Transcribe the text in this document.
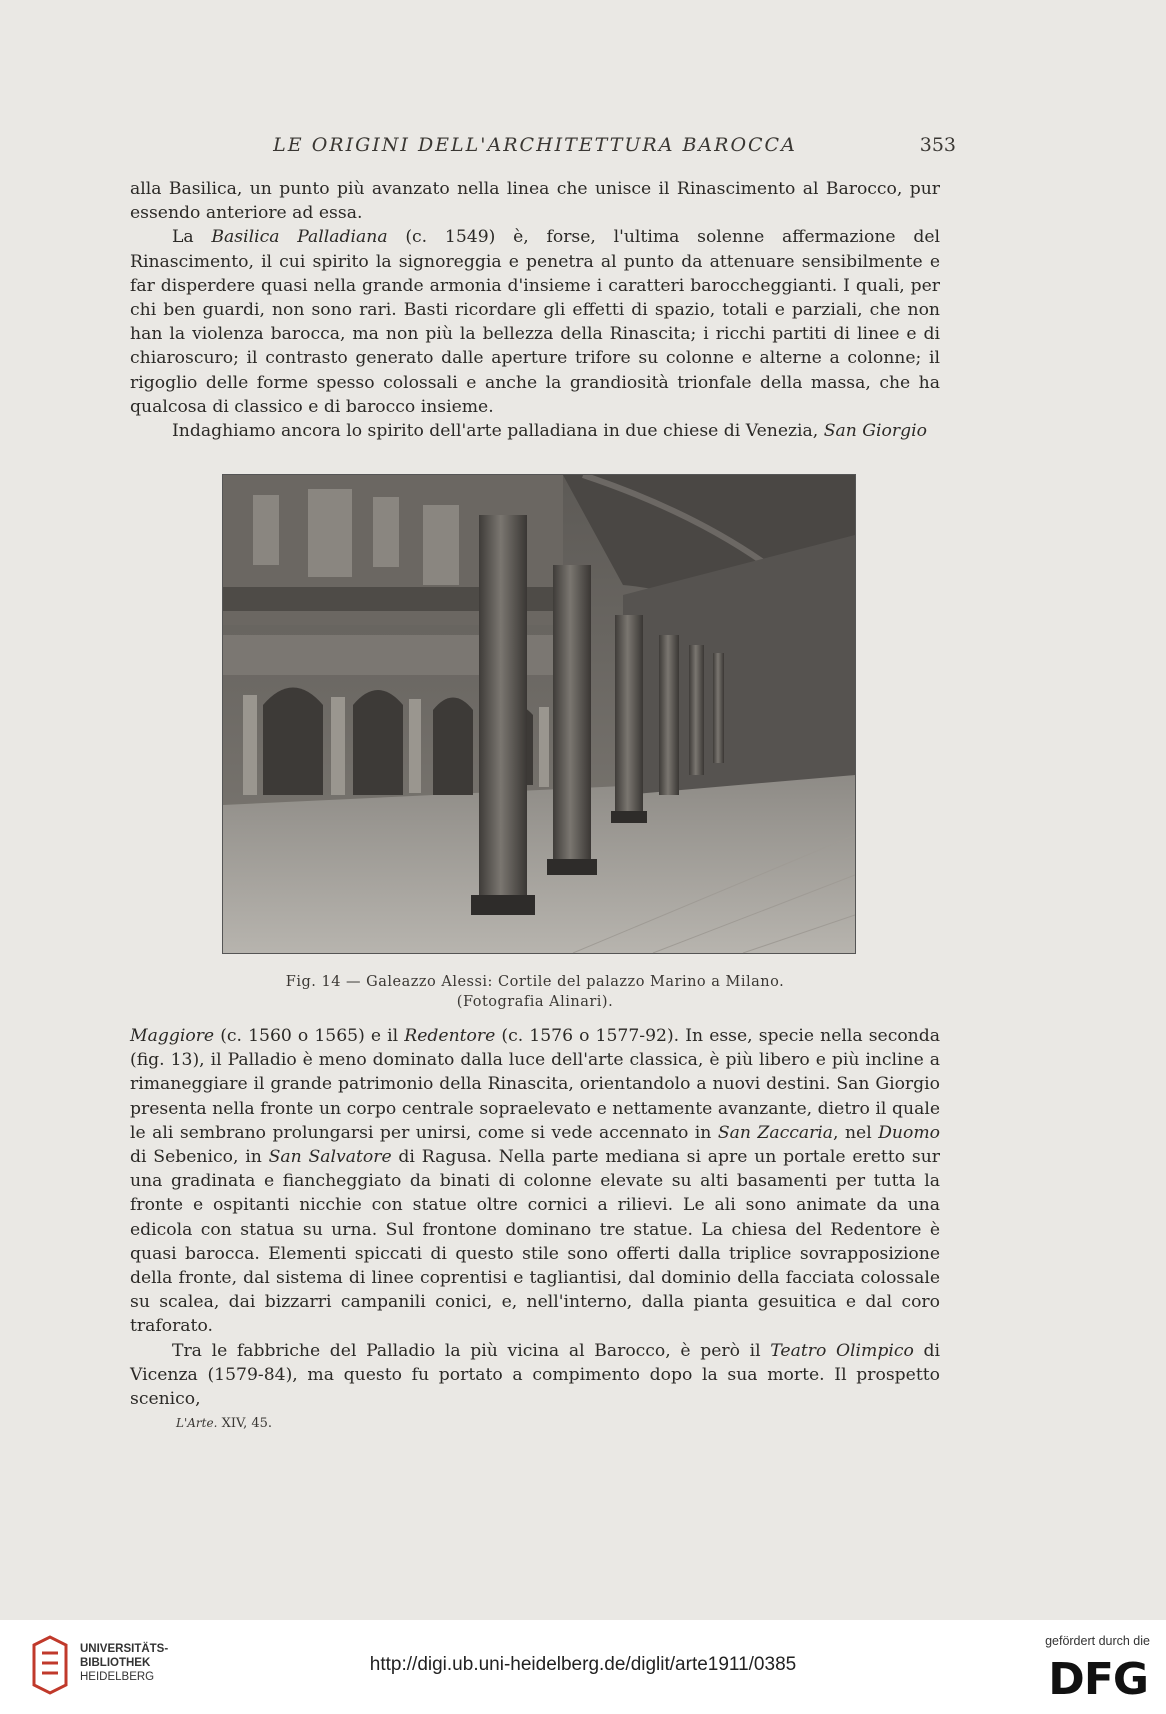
LE ORIGINI DELL'ARCHITETTURA BAROCCA	353

alla Basilica, un punto più avanzato nella linea che unisce il Rinascimento al Barocco, pur essendo anteriore ad essa.

La Basilica Palladiana (c. 1549) è, forse, l'ultima solenne affermazione del Rinascimento, il cui spirito la signoreggia e penetra al punto da attenuare sensibilmente e far disperdere quasi nella grande armonia d'insieme i caratteri baroccheggianti. I quali, per chi ben guardi, non sono rari. Basti ricordare gli effetti di spazio, totali e parziali, che non han la violenza barocca, ma non più la bellezza della Rinascita; i ricchi partiti di linee e di chiaroscuro; il contrasto generato dalle aperture trifore su colonne e alterne a colonne; il rigoglio delle forme spesso colossali e anche la grandiosità trionfale della massa, che ha qualcosa di classico e di barocco insieme.

Indaghiamo ancora lo spirito dell'arte palladiana in due chiese di Venezia, San Giorgio

Fig. 14 — Galeazzo Alessi: Cortile del palazzo Marino a Milano.
(Fotografia Alinari).

Maggiore (c. 1560 o 1565) e il Redentore (c. 1576 o 1577-92). In esse, specie nella seconda (fig. 13), il Palladio è meno dominato dalla luce dell'arte classica, è più libero e più incline a rimaneggiare il grande patrimonio della Rinascita, orientandolo a nuovi destini. San Giorgio presenta nella fronte un corpo centrale sopraelevato e nettamente avanzante, dietro il quale le ali sembrano prolungarsi per unirsi, come si vede accennato in San Zaccaria, nel Duomo di Sebenico, in San Salvatore di Ragusa. Nella parte mediana si apre un portale eretto sur una gradinata e fiancheggiato da binati di colonne elevate su alti basamenti per tutta la fronte e ospitanti nicchie con statue oltre cornici a rilievi. Le ali sono animate da una edicola con statua su urna. Sul frontone dominano tre statue. La chiesa del Redentore è quasi barocca. Elementi spiccati di questo stile sono offerti dalla triplice sovrapposizione della fronte, dal sistema di linee coprentisi e tagliantisi, dal dominio della facciata colossale su scalea, dai bizzarri campanili conici, e, nell'interno, dalla pianta gesuitica e dal coro traforato.

Tra le fabbriche del Palladio la più vicina al Barocco, è però il Teatro Olimpico di Vicenza (1579-84), ma questo fu portato a compimento dopo la sua morte. Il prospetto scenico,

L'Arte. XIV, 45.
UNIVERSITÄTS-
BIBLIOTHEK
HEIDELBERG
http://digi.ub.uni-heidelberg.de/diglit/arte1911/0385
gefördert durch die
DFG
